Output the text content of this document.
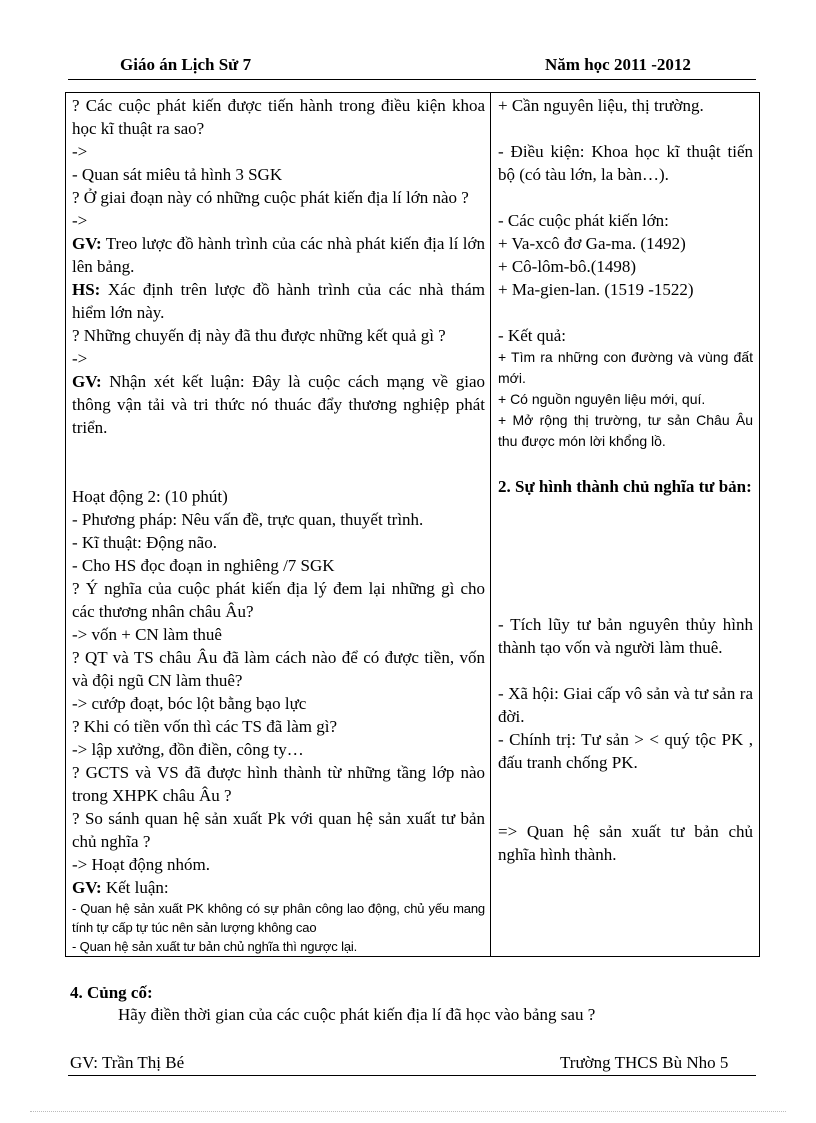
Giáo án Lịch Sử 7	Năm học 2011 -2012
? Các cuộc phát kiến được tiến hành trong điều kiện khoa học kĩ thuật ra sao?
->
- Quan sát miêu tả hình 3 SGK
? Ở giai đoạn này có những cuộc phát kiến địa lí lớn nào ?
->
GV: Treo lược đồ hành trình của các nhà phát kiến địa lí lớn lên bảng.
HS: Xác định trên lược đồ hành trình của các nhà thám hiểm lớn này.
? Những chuyến đị này đã thu được những kết quả gì ?
->
GV: Nhận xét kết luận: Đây là cuộc cách mạng về giao thông vận tải và tri thức nó thuác đẩy thương nghiệp phát triển.
Hoạt động 2: (10 phút)
- Phương pháp: Nêu vấn đề, trực quan, thuyết trình.
- Kĩ thuật: Động não.
- Cho HS đọc đoạn in nghiêng /7 SGK
? Ý nghĩa của cuộc phát kiến địa lý đem lại những gì cho các thương nhân châu Âu?
-> vốn + CN làm thuê
? QT và TS châu Âu đã làm cách nào để có được tiền, vốn và đội ngũ CN làm thuê?
-> cướp đoạt, bóc lột bằng bạo lực
? Khi có tiền vốn thì các TS đã làm gì?
-> lập xưởng, đồn điền, công ty…
? GCTS và VS đã được hình thành từ những tầng lớp nào trong XHPK châu Âu ?
? So sánh quan hệ sản xuất Pk với quan hệ sản xuất tư bản chủ nghĩa ?
-> Hoạt động nhóm.
GV: Kết luận:
- Quan hệ sản xuất PK không có sự phân công lao động, chủ yếu mang tính tự cấp tự túc nên sản lượng không cao
- Quan hệ sản xuất tư bản chủ nghĩa thì ngược lại.

+ Cần nguyên liệu, thị trường.
- Điều kiện: Khoa học kĩ thuật tiến bộ (có tàu lớn, la bàn…).
- Các cuộc phát kiến lớn:
+ Va-xcô đơ Ga-ma. (1492)
+ Cô-lôm-bô.(1498)
+ Ma-gien-lan. (1519 -1522)
- Kết quả:
+ Tìm ra những con đường và vùng đất mới.
+ Có nguồn nguyên liệu mới, quí.
+ Mở rộng thị trường, tư sản Châu Âu thu được món lời khổng lồ.
2. Sự hình thành chủ nghĩa tư bản:
- Tích lũy tư bản nguyên thủy hình thành tạo vốn và người làm thuê.
- Xã hội: Giai cấp vô sản và tư sản ra đời.
- Chính trị: Tư sản > < quý tộc PK , đấu tranh chống PK.
=> Quan hệ sản xuất tư bản chủ nghĩa hình thành.
4. Củng cố:
Hãy điền thời gian của các cuộc phát kiến địa lí đã học vào bảng sau ?
GV: Trần Thị Bé	Trường THCS Bù Nho 5
